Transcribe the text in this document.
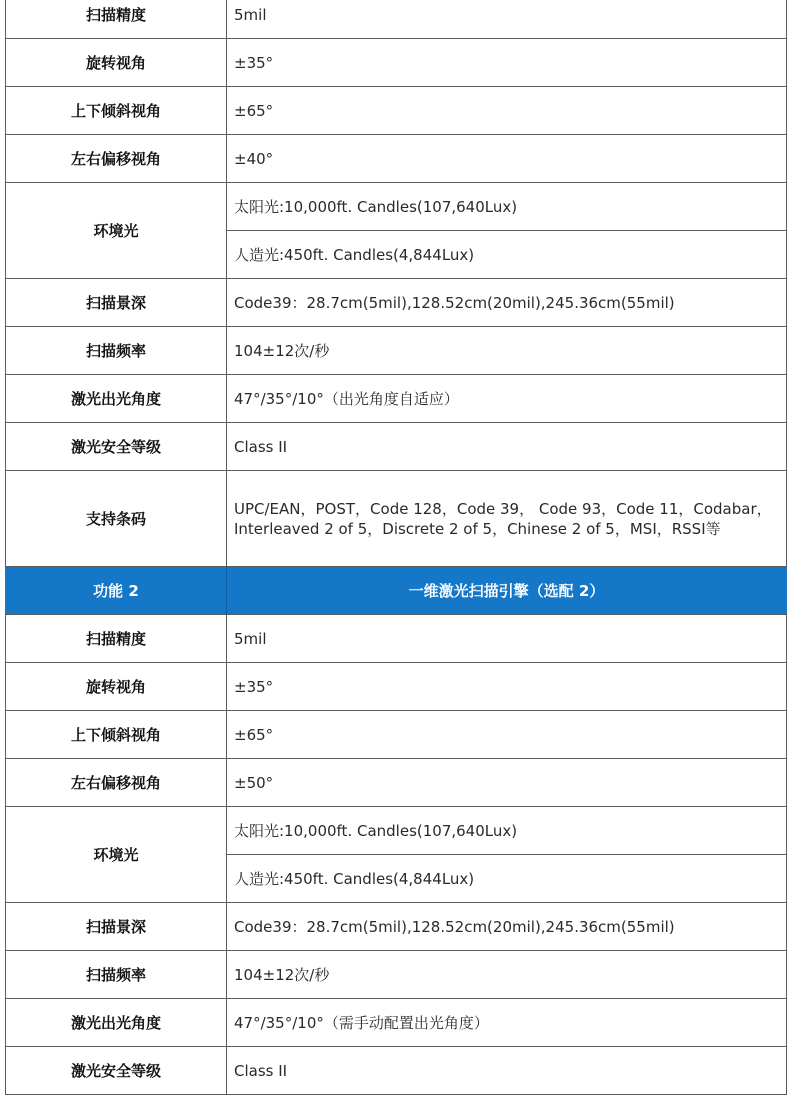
扫描精度	5mil
旋转视角	±35°
上下倾斜视角	±65°
左右偏移视角	±40°
环境光	太阳光:10,000ft. Candles(107,640Lux)
	人造光:450ft. Candles(4,844Lux)
扫描景深	Code39：28.7cm(5mil),128.52cm(20mil),245.36cm(55mil)
扫描频率	104±12次/秒
激光出光角度	47°/35°/10°（出光角度自适应）
激光安全等级	Class II
支持条码	UPC/EAN，POST，Code 128，Code 39， Code 93，Code 11，Codabar，
Interleaved 2 of 5，Discrete 2 of 5，Chinese 2 of 5，MSI，RSSI等

功能 2	一维激光扫描引擎（选配 2）
扫描精度	5mil
旋转视角	±35°
上下倾斜视角	±65°
左右偏移视角	±50°
环境光	太阳光:10,000ft. Candles(107,640Lux)
	人造光:450ft. Candles(4,844Lux)
扫描景深	Code39：28.7cm(5mil),128.52cm(20mil),245.36cm(55mil)
扫描频率	104±12次/秒
激光出光角度	47°/35°/10°（需手动配置出光角度）
激光安全等级	Class II
